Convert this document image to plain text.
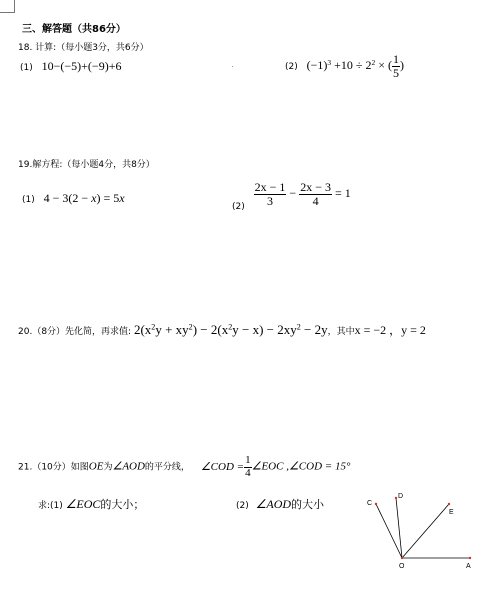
三、解答题（共86分）
18. 计算:（每小题3分，共6分）
(1) 10−(−5)+(−9)+6	(2) $(-1)^3 +10 \div 2^2$ × ( $\frac{1}{5}$ )
19.解方程:（每小题4分，共8分）
(1) 4 − 3(2 − x) = 5x
$(2) \frac{2x - 1}{3} - \frac{2x - 3}{4} = 1$
20.（8分）先化简，再求值: $2(x^2y + xy^2) - 2(x^2y - x) - 2xy^2 - 2y$，其中x = −2 ，y = 2
21.（10分）如图OE为∠AOD的平分线， ∠COD = $\frac{1}{4}$ ∠EOC ,∠COD = 15°
求:(1) ∠EOC的大小；	(2) ∠AOD的大小	C
D
E
O	A
